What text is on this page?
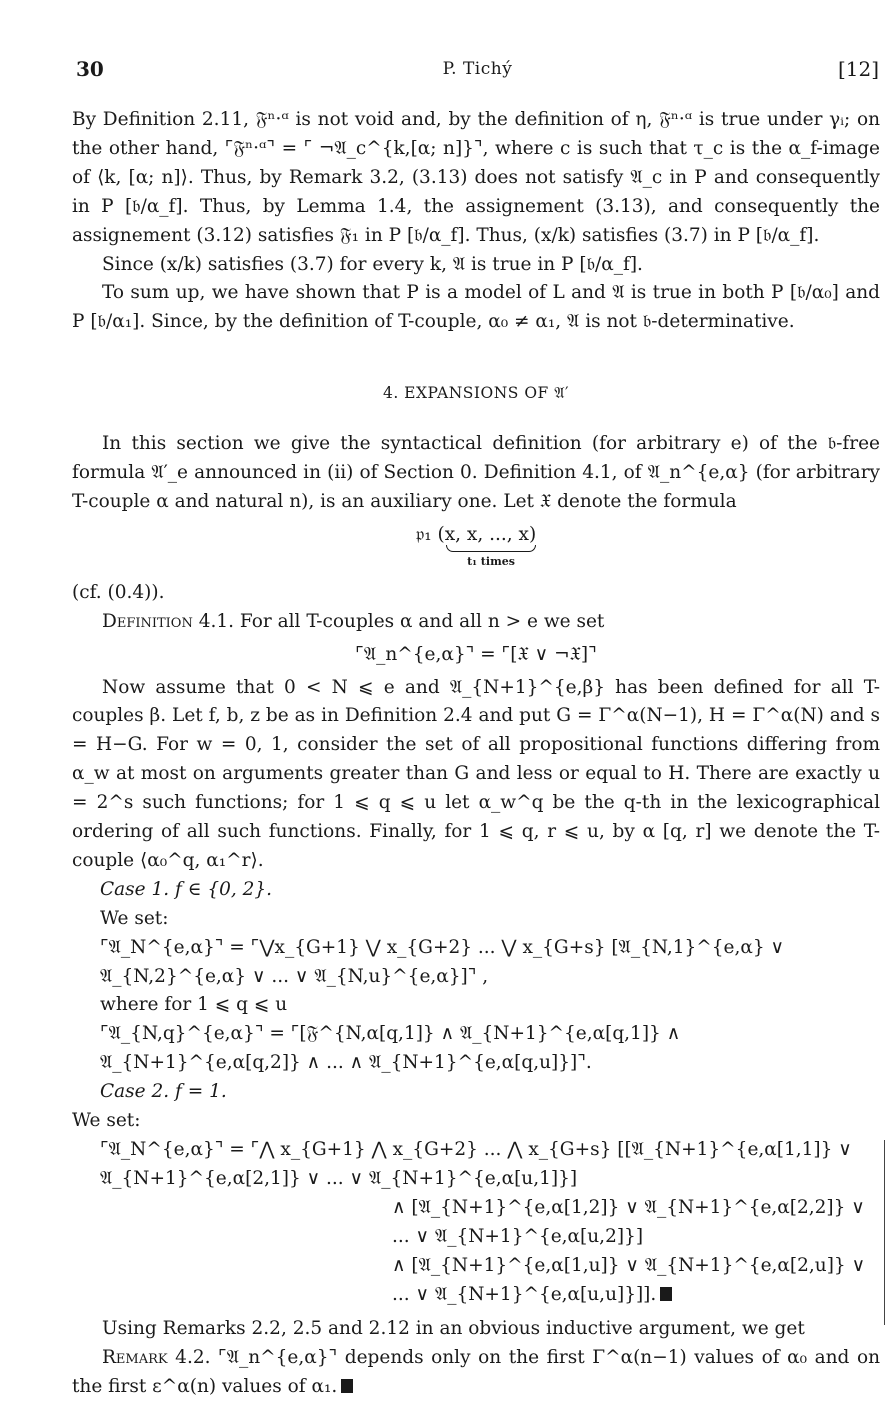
30	P. Tichý	[12]

By Definition 2.11, 𝔉ⁿ·ᵅ is not void and, by the definition of η, 𝔉ⁿ·ᵅ is true under γᵢ; on the other hand, ⌜𝔉ⁿ·ᵅ⌝ = ⌜ ¬𝔄_c^{k,[α; n]}⌝, where c is such that τ_c is the α_f-image of ⟨k, [α; n]⟩. Thus, by Remark 3.2, (3.13) does not satisfy 𝔄_c in P and consequently in P [𝔟/α_f]. Thus, by Lemma 1.4, the assignement (3.13), and consequently the assignement (3.12) satisfies 𝔉₁ in P [𝔟/α_f]. Thus, (x/k) satisfies (3.7) in P [𝔟/α_f].

Since (x/k) satisfies (3.7) for every k, 𝔄 is true in P [𝔟/α_f].

To sum up, we have shown that P is a model of L and 𝔄 is true in both P [𝔟/α₀] and P [𝔟/α₁]. Since, by the definition of T-couple, α₀ ≠ α₁, 𝔄 is not 𝔟-determinative.

4. EXPANSIONS OF 𝔄′

In this section we give the syntactical definition (for arbitrary e) of the 𝔟-free formula 𝔄′_e announced in (ii) of Section 0. Definition 4.1, of 𝔄_n^{e,α} (for arbitrary T-couple α and natural n), is an auxiliary one. Let 𝔛 denote the formula

𝔭₁ (x, x, ..., x)
t₁ times

(cf. (0.4)).

Definition 4.1. For all T-couples α and all n > e we set

⌜𝔄_n^{e,α}⌝ = ⌜[𝔛 ∨ ¬𝔛]⌝

Now assume that 0 < N ⩽ e and 𝔄_{N+1}^{e,β} has been defined for all T-couples β. Let f, b, z be as in Definition 2.4 and put G = Γ^α(N−1), H = Γ^α(N) and s = H−G. For w = 0, 1, consider the set of all propositional functions differing from α_w at most on arguments greater than G and less or equal to H. There are exactly u = 2^s such functions; for 1 ⩽ q ⩽ u let α_w^q be the q-th in the lexicographical ordering of all such functions. Finally, for 1 ⩽ q, r ⩽ u, by α [q, r] we denote the T-couple ⟨α₀^q, α₁^r⟩.

Case 1. f ∈ {0, 2}.
We set:
⌜𝔄_N^{e,α}⌝ = ⌜⋁x_{G+1} ⋁ x_{G+2} ... ⋁ x_{G+s} [𝔄_{N,1}^{e,α} ∨ 𝔄_{N,2}^{e,α} ∨ ... ∨ 𝔄_{N,u}^{e,α}]⌝ ,
where for 1 ⩽ q ⩽ u
⌜𝔄_{N,q}^{e,α}⌝ = ⌜[𝔉^{N,α[q,1]} ∧ 𝔄_{N+1}^{e,α[q,1]} ∧ 𝔄_{N+1}^{e,α[q,2]} ∧ ... ∧ 𝔄_{N+1}^{e,α[q,u]}]⌝.
Case 2. f = 1.
We set:
⌜𝔄_N^{e,α}⌝ = ⌜⋀ x_{G+1} ⋀ x_{G+2} ... ⋀ x_{G+s} [[𝔄_{N+1}^{e,α[1,1]} ∨ 𝔄_{N+1}^{e,α[2,1]} ∨ ... ∨ 𝔄_{N+1}^{e,α[u,1]}]
∧ [𝔄_{N+1}^{e,α[1,2]} ∨ 𝔄_{N+1}^{e,α[2,2]} ∨ ... ∨ 𝔄_{N+1}^{e,α[u,2]}]
∧ [𝔄_{N+1}^{e,α[1,u]} ∨ 𝔄_{N+1}^{e,α[2,u]} ∨ ... ∨ 𝔄_{N+1}^{e,α[u,u]}]].

Using Remarks 2.2, 2.5 and 2.12 in an obvious inductive argument, we get

Remark 4.2. ⌜𝔄_n^{e,α}⌝ depends only on the first Γ^α(n−1) values of α₀ and on the first ε^α(n) values of α₁.
